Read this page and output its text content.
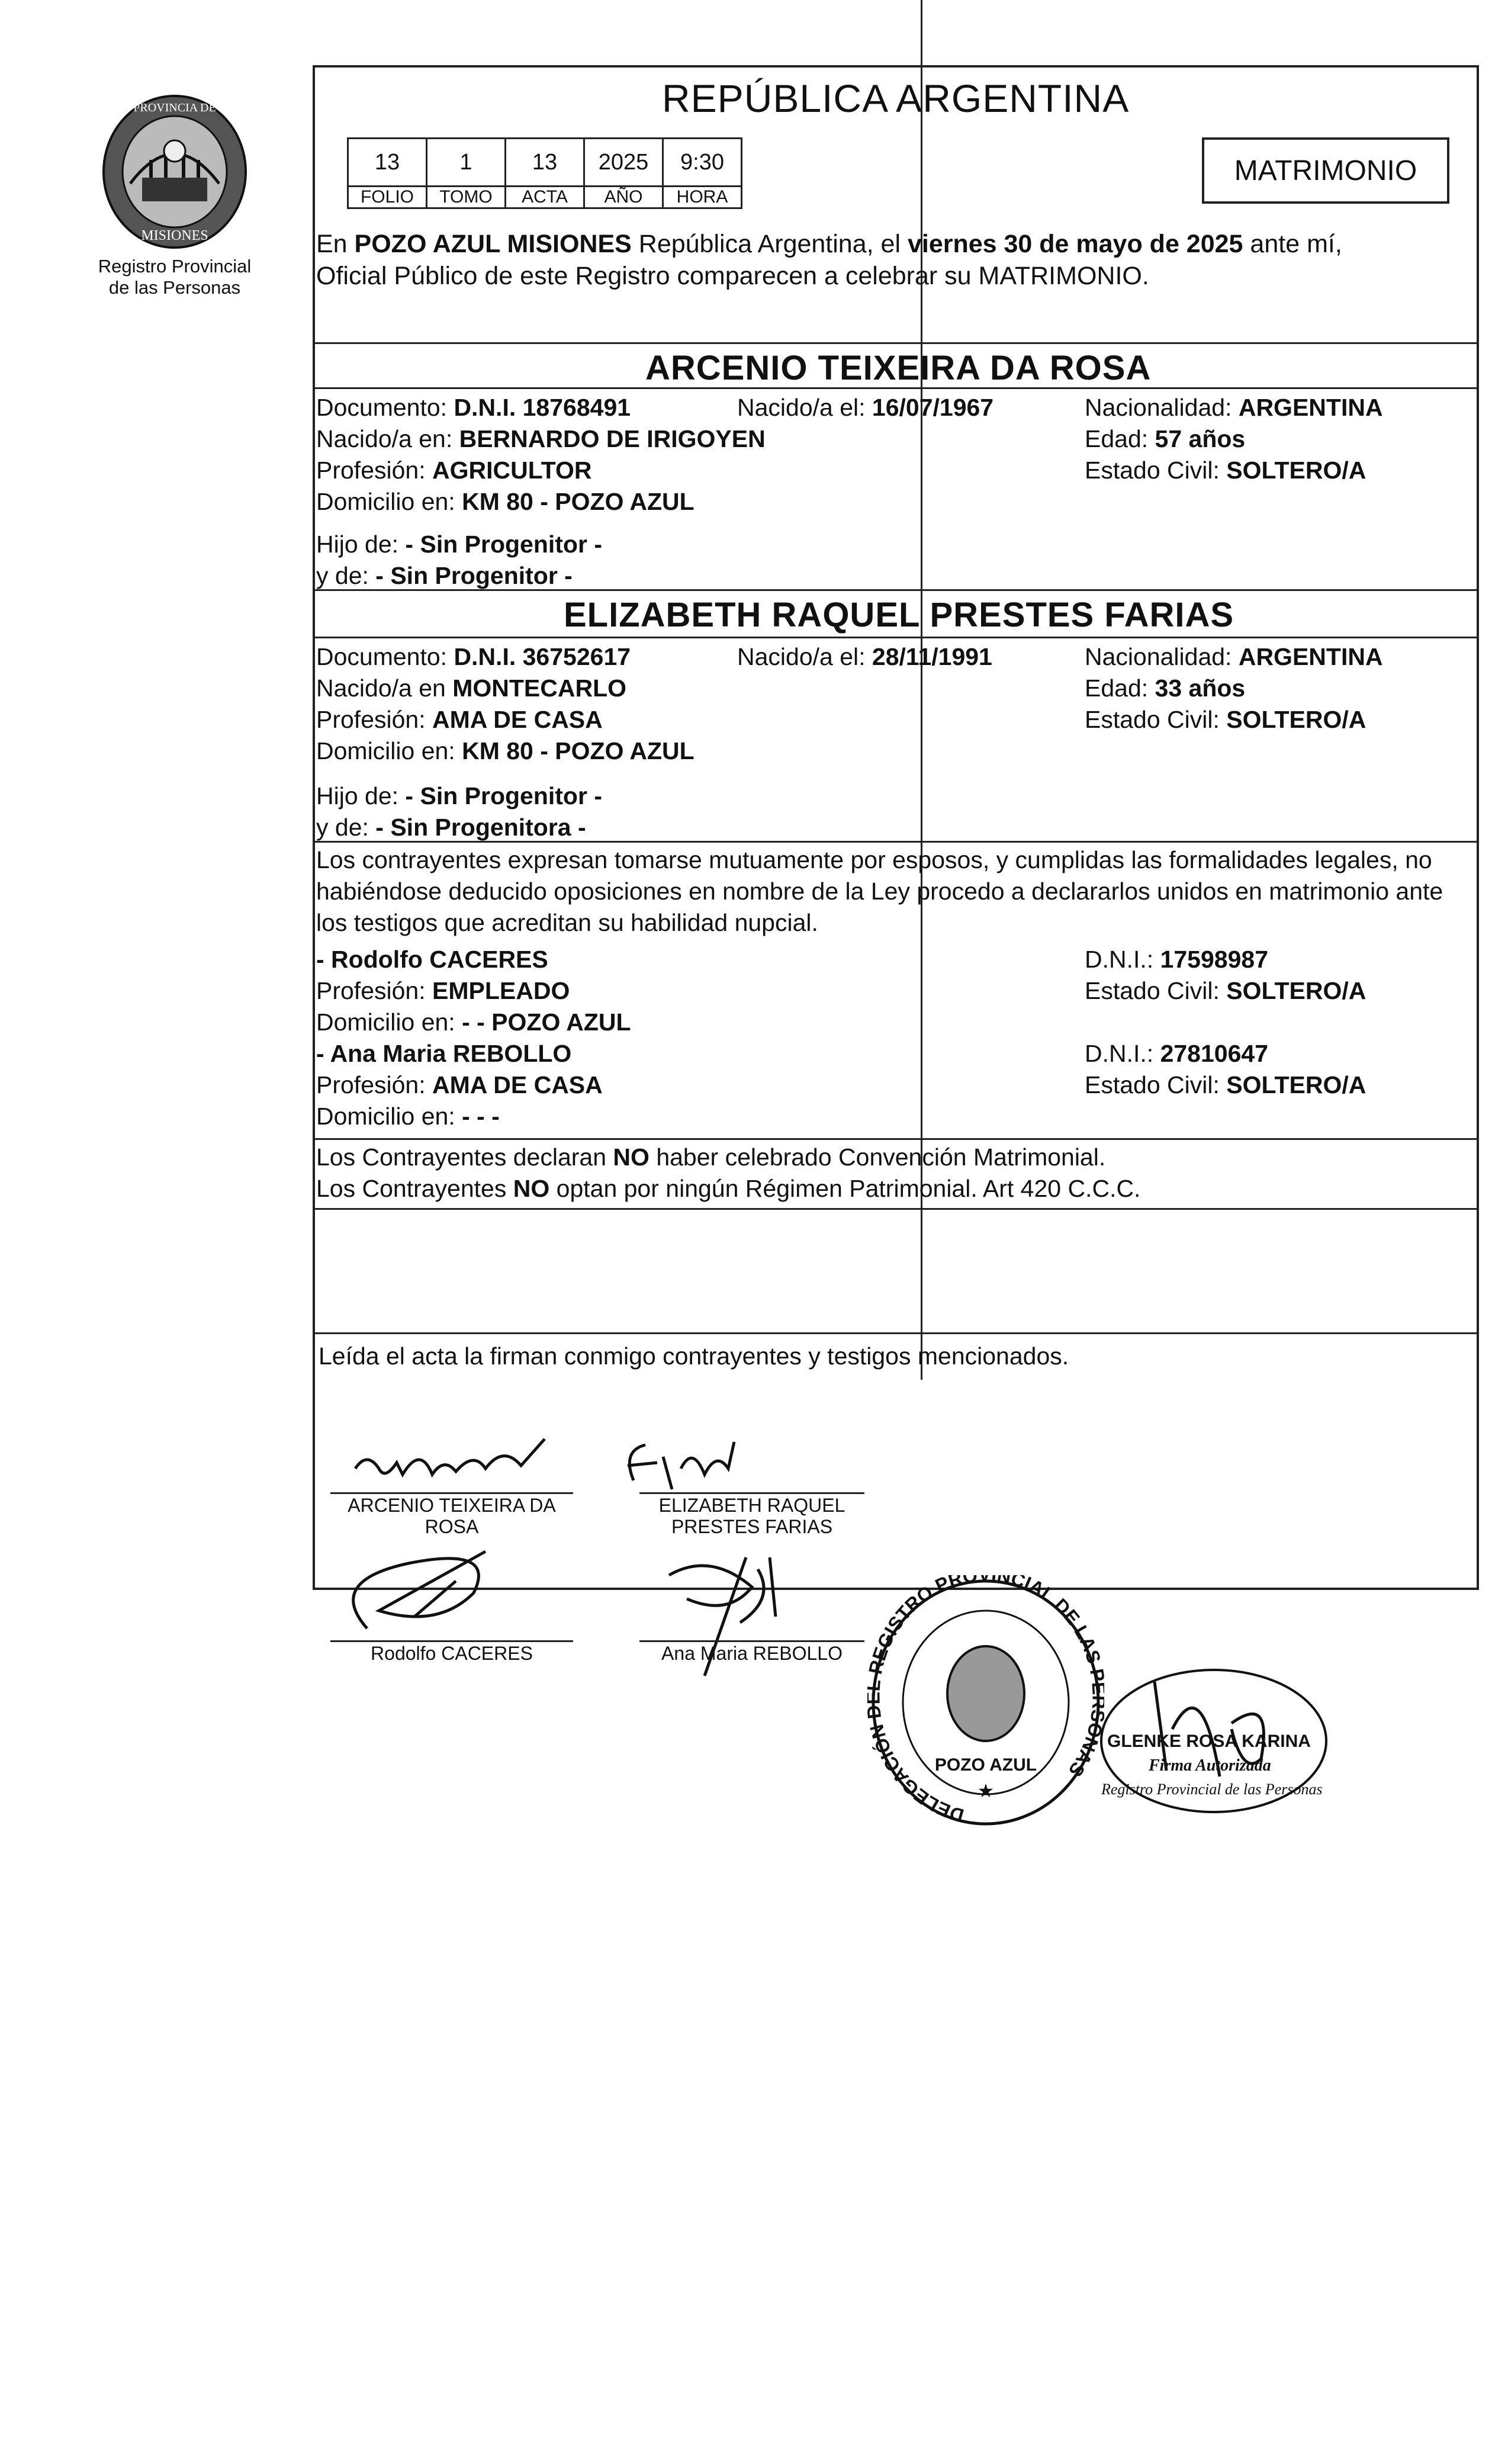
PROVINCIA DE
MISIONES
Registro Provincial
de las Personas
REPÚBLICA ARGENTINA
13	1	13	2025	9:30
FOLIO	TOMO	ACTA	AÑO	HORA
MATRIMONIO
En POZO AZUL MISIONES República Argentina, el viernes 30 de mayo de 2025 ante mí,
Oficial Público de este Registro comparecen a celebrar su MATRIMONIO.
ARCENIO TEIXEIRA DA ROSA
Documento: D.N.I. 18768491	Nacido/a el: 16/07/1967	Nacionalidad: ARGENTINA
Nacido/a en: BERNARDO DE IRIGOYEN	Edad: 57 años
Profesión: AGRICULTOR	Estado Civil: SOLTERO/A
Domicilio en: KM 80 - POZO AZUL
Hijo de: - Sin Progenitor -
y de: - Sin Progenitor -
ELIZABETH RAQUEL PRESTES FARIAS
Documento: D.N.I. 36752617	Nacido/a el: 28/11/1991	Nacionalidad: ARGENTINA
Nacido/a en MONTECARLO	Edad: 33 años
Profesión: AMA DE CASA	Estado Civil: SOLTERO/A
Domicilio en: KM 80 - POZO AZUL
Hijo de: - Sin Progenitor -
y de: - Sin Progenitora -
Los contrayentes expresan tomarse mutuamente por esposos, y cumplidas las formalidades legales, no
habiéndose deducido oposiciones en nombre de la Ley procedo a declararlos unidos en matrimonio ante
los testigos que acreditan su habilidad nupcial.
- Rodolfo CACERES	D.N.I.: 17598987
Profesión: EMPLEADO	Estado Civil: SOLTERO/A
Domicilio en: - - POZO AZUL
- Ana Maria REBOLLO	D.N.I.: 27810647
Profesión: AMA DE CASA	Estado Civil: SOLTERO/A
Domicilio en: - - -
Los Contrayentes declaran NO haber celebrado Convención Matrimonial.
Los Contrayentes NO optan por ningún Régimen Patrimonial. Art 420 C.C.C.
Leída el acta la firman conmigo contrayentes y testigos mencionados.
ARCENIO TEIXEIRA DA ROSA
ELIZABETH RAQUEL
PRESTES FARIAS
Rodolfo CACERES	Ana Maria REBOLLO
DELEGACIÓN EGISTRO PRO NCIAL DE LAS NAS
POZO AZUL
★
GLENKE ROSA KARINA
Firma Autorizada
Registro Provincial de las Personas
